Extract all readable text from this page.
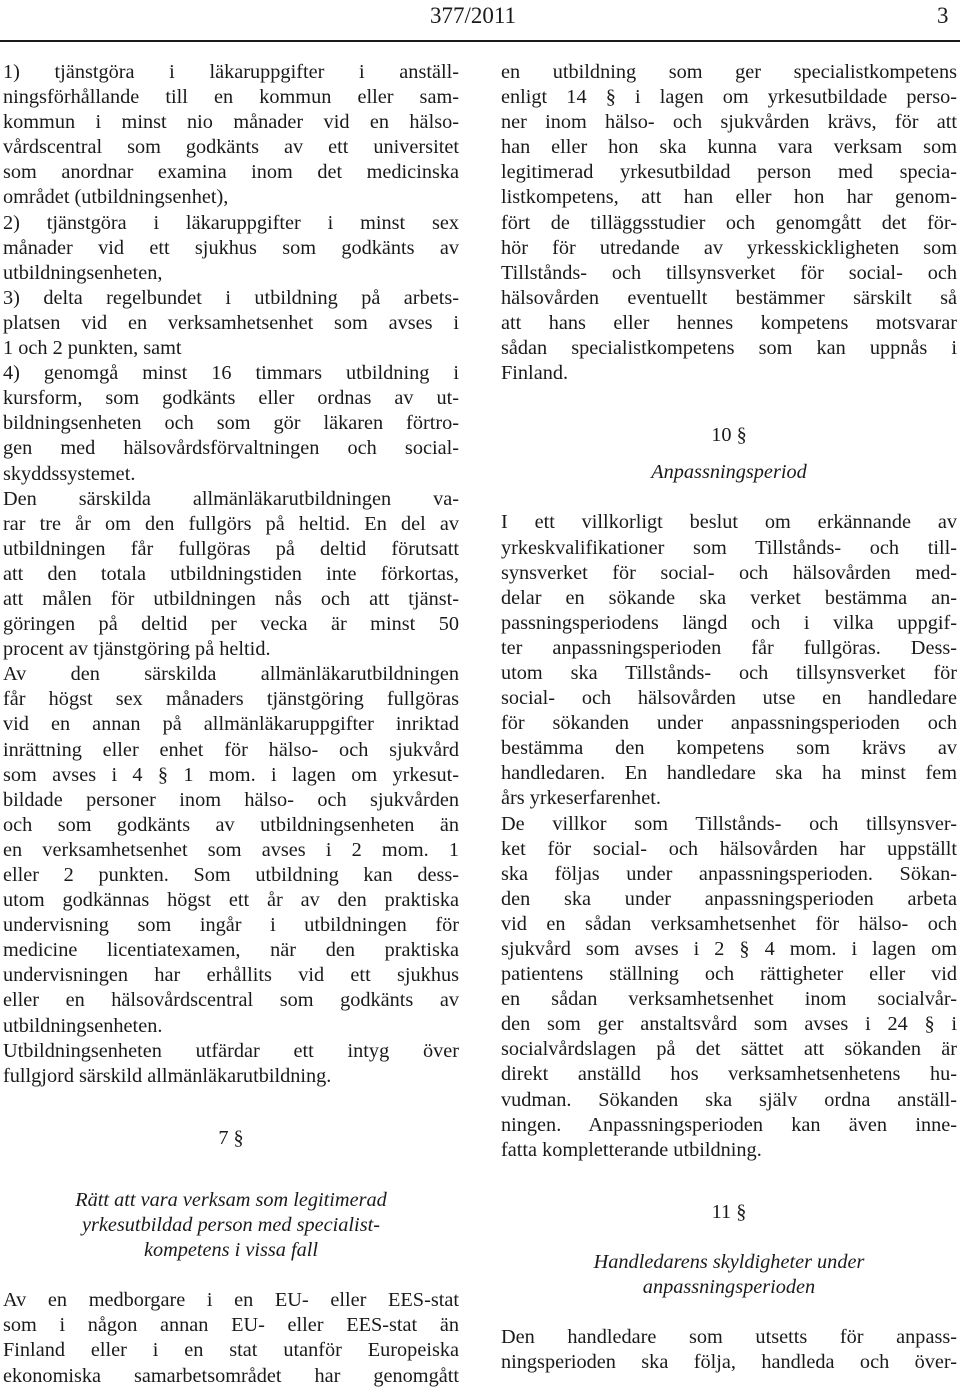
377/2011	3
1) tjänstgöra i läkaruppgifter i anställ-
ningsförhållande till en kommun eller sam-
kommun i minst nio månader vid en hälso-
vårdscentral som godkänts av ett universitet
som anordnar examina inom det medicinska
området (utbildningsenhet),
2) tjänstgöra i läkaruppgifter i minst sex
månader vid ett sjukhus som godkänts av
utbildningsenheten,
3) delta regelbundet i utbildning på arbets-
platsen vid en verksamhetsenhet som avses i
1 och 2 punkten, samt
4) genomgå minst 16 timmars utbildning i
kursform, som godkänts eller ordnas av ut-
bildningsenheten och som gör läkaren förtro-
gen med hälsovårdsförvaltningen och social-
skyddssystemet.
Den särskilda allmänläkarutbildningen va-
rar tre år om den fullgörs på heltid. En del av
utbildningen får fullgöras på deltid förutsatt
att den totala utbildningstiden inte förkortas,
att målen för utbildningen nås och att tjänst-
göringen på deltid per vecka är minst 50
procent av tjänstgöring på heltid.
Av den särskilda allmänläkarutbildningen
får högst sex månaders tjänstgöring fullgöras
vid en annan på allmänläkaruppgifter inriktad
inrättning eller enhet för hälso- och sjukvård
som avses i 4 § 1 mom. i lagen om yrkesut-
bildade personer inom hälso- och sjukvården
och som godkänts av utbildningsenheten än
en verksamhetsenhet som avses i 2 mom. 1
eller 2 punkten. Som utbildning kan dess-
utom godkännas högst ett år av den praktiska
undervisning som ingår i utbildningen för
medicine licentiatexamen, när den praktiska
undervisningen har erhållits vid ett sjukhus
eller en hälsovårdscentral som godkänts av
utbildningsenheten.
Utbildningsenheten utfärdar ett intyg över
fullgjord särskild allmänläkarutbildning.
7 §
Rätt att vara verksam som legitimerad
yrkesutbildad person med specialist-
kompetens i vissa fall
Av en medborgare i en EU- eller EES-stat
som i någon annan EU- eller EES-stat än
Finland eller i en stat utanför Europeiska
ekonomiska samarbetsområdet har genomgått
en utbildning som ger specialistkompetens
enligt 14 § i lagen om yrkesutbildade perso-
ner inom hälso- och sjukvården krävs, för att
han eller hon ska kunna vara verksam som
legitimerad yrkesutbildad person med specia-
listkompetens, att han eller hon har genom-
fört de tilläggsstudier och genomgått det för-
hör för utredande av yrkesskickligheten som
Tillstånds- och tillsynsverket för social- och
hälsovården eventuellt bestämmer särskilt så
att hans eller hennes kompetens motsvarar
sådan specialistkompetens som kan uppnås i
Finland.
10 §
Anpassningsperiod
I ett villkorligt beslut om erkännande av
yrkeskvalifikationer som Tillstånds- och till-
synsverket för social- och hälsovården med-
delar en sökande ska verket bestämma an-
passningsperiodens längd och i vilka uppgif-
ter anpassningsperioden får fullgöras. Dess-
utom ska Tillstånds- och tillsynsverket för
social- och hälsovården utse en handledare
för sökanden under anpassningsperioden och
bestämma den kompetens som krävs av
handledaren. En handledare ska ha minst fem
års yrkeserfarenhet.
De villkor som Tillstånds- och tillsynsver-
ket för social- och hälsovården har uppställt
ska följas under anpassningsperioden. Sökan-
den ska under anpassningsperioden arbeta
vid en sådan verksamhetsenhet för hälso- och
sjukvård som avses i 2 § 4 mom. i lagen om
patientens ställning och rättigheter eller vid
en sådan verksamhetsenhet inom socialvår-
den som ger anstaltsvård som avses i 24 § i
socialvårdslagen på det sättet att sökanden är
direkt anställd hos verksamhetsenhetens hu-
vudman. Sökanden ska själv ordna anställ-
ningen. Anpassningsperioden kan även inne-
fatta kompletterande utbildning.
11 §
Handledarens skyldigheter under
anpassningsperioden
Den handledare som utsetts för anpass-
ningsperioden ska följa, handleda och över-
